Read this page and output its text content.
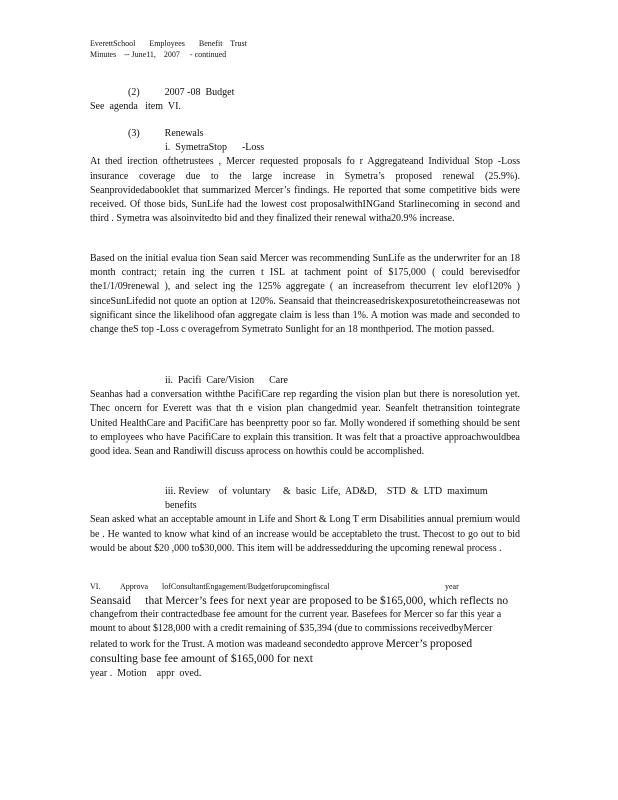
EverettSchool       Employees       Benefit    Trust
Minutes    -- June11,    2007     - continued
(2)          2007 -08  Budget
See  agenda   item  VI.
(3)          Renewals
i.  SymetraStop      -Loss
At thed irection ofthetrustees , Mercer requested proposals fo r Aggregateand Individual Stop -Loss insurance coverage due to the large increase in Symetra’s proposed renewal (25.9%). Seanprovidedabooklet that summarized Mercer’s findings. He reported that some competitive bids were received. Of those bids, SunLife had the lowest cost proposalwithINGand Starlinecoming in second and third . Symetra was alsoinvitedto bid and they finalized their renewal witha20.9% increase.
Based on the initial evalua tion Sean said Mercer was recommending SunLife as the underwriter for an 18 month contract; retain ing the curren t ISL at tachment point of $175,000 ( could berevisedfor the1/1/09renewal ), and select ing the 125% aggregate ( an increasefrom thecurrent lev elof120% ) sinceSunLifedid not quote an option at 120%. Seansaid that theincreasedriskexposuretotheincreasewas not significant since the likelihood ofan aggregate claim is less than 1%. A motion was made and seconded to change theS top -Loss c overagefrom Symetrato Sunlight for an 18 monthperiod. The motion passed.
ii.  Pacifi  Care/Vision      Care
Seanhas had a conversation withthe PacifiCare rep regarding the vision plan but there is noresolution yet. Thec oncern for Everett was that th e vision plan changedmid year. Seanfelt thetransition tointegrate United HealthCare and PacifiCare has beenpretty poor so far. Molly wondered if something should be sent to employees who have PacifiCare to explain this transition. It was felt that a proactive approachwouldbea good idea. Sean and Randiwill discuss aprocess on howthis could be accomplished.
iii. Review    of  voluntary     &  basic  Life,  AD&D,    STD  &  LTD  maximum
benefits
Sean asked what an acceptable amount in Life and Short & Long T erm Disabilities annual premium would be . He wanted to know what kind of an increase would be acceptableto the trust. Thecost to go out to bid would be about $20 ,000 to$30,000. This item will be addressedduring the upcoming renewal process .
VI.          Approva       lofConsultantEngagement/Budgetforupcomingfiscal	year
Seansaid     that Mercer’s fees for next year are proposed to be $165,000, which reflects no
changefrom their contractedbase fee amount for the current year. Basefees for Mercer so far this year a mount to about $128,000 with a credit remaining of $35,394 (due to commissions receivedbyMercer related to work for the Trust. A motion was madeand secondedto approve Mercer’s proposed consulting base fee amount of $165,000 for next
year .  Motion    appr  oved.
